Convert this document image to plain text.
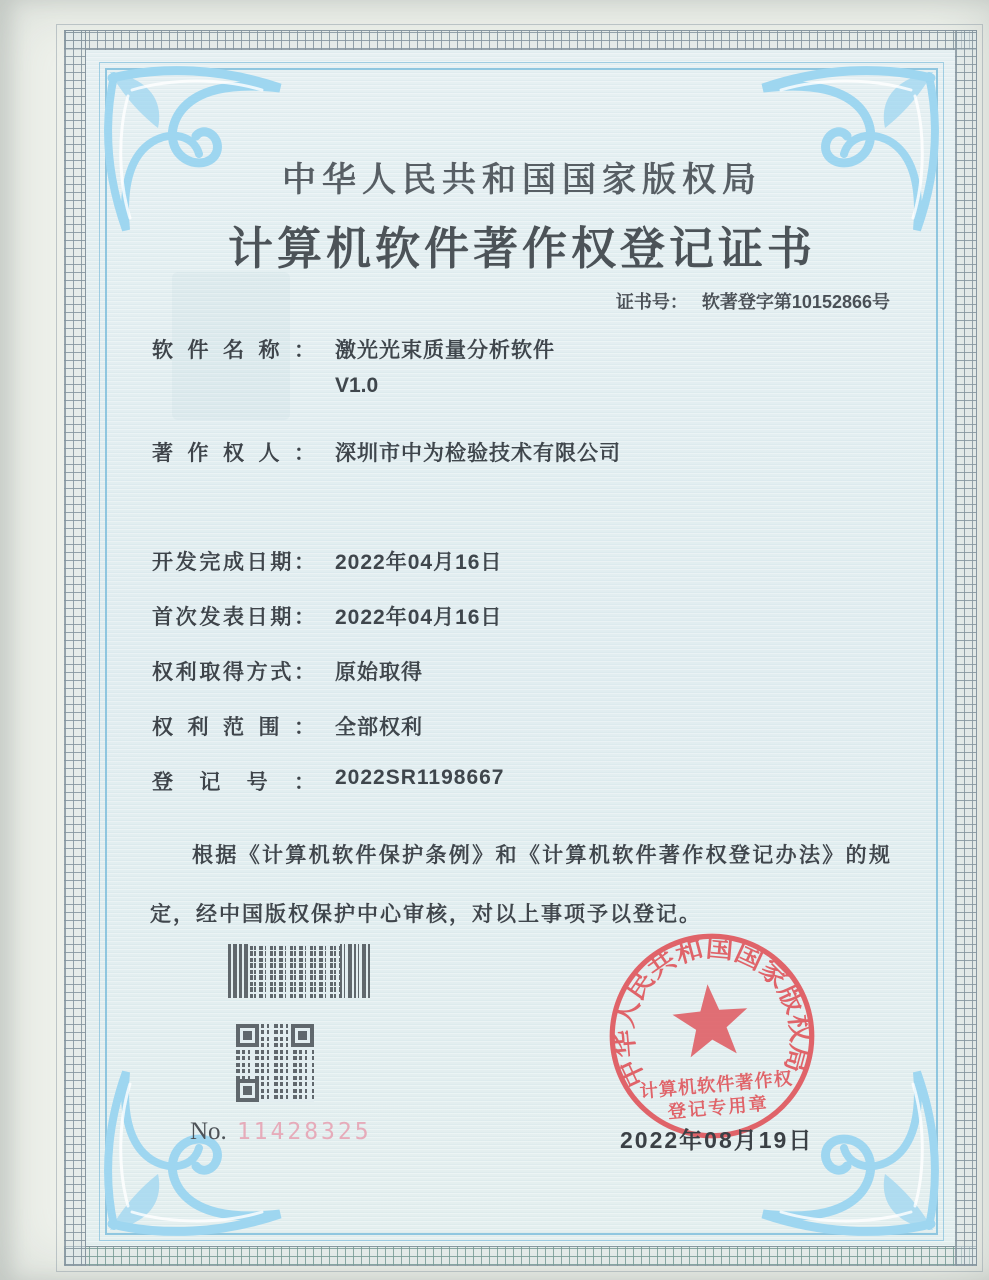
中华人民共和国国家版权局
计算机软件著作权登记证书
证书号： 软著登字第10152866号
软件名称： 激光光束质量分析软件
V1.0
著作权人： 深圳市中为检验技术有限公司
开发完成日期： 2022年04月16日
首次发表日期： 2022年04月16日
权利取得方式： 原始取得
权利范围： 全部权利
登记号： 2022SR1198667
根据《计算机软件保护条例》和《计算机软件著作权登记办法》的规定，经中国版权保护中心审核，对以上事项予以登记。
No. 11428325
中华人民共和国国家版权局
计算机软件著作权
登记专用章
2022年08月19日
